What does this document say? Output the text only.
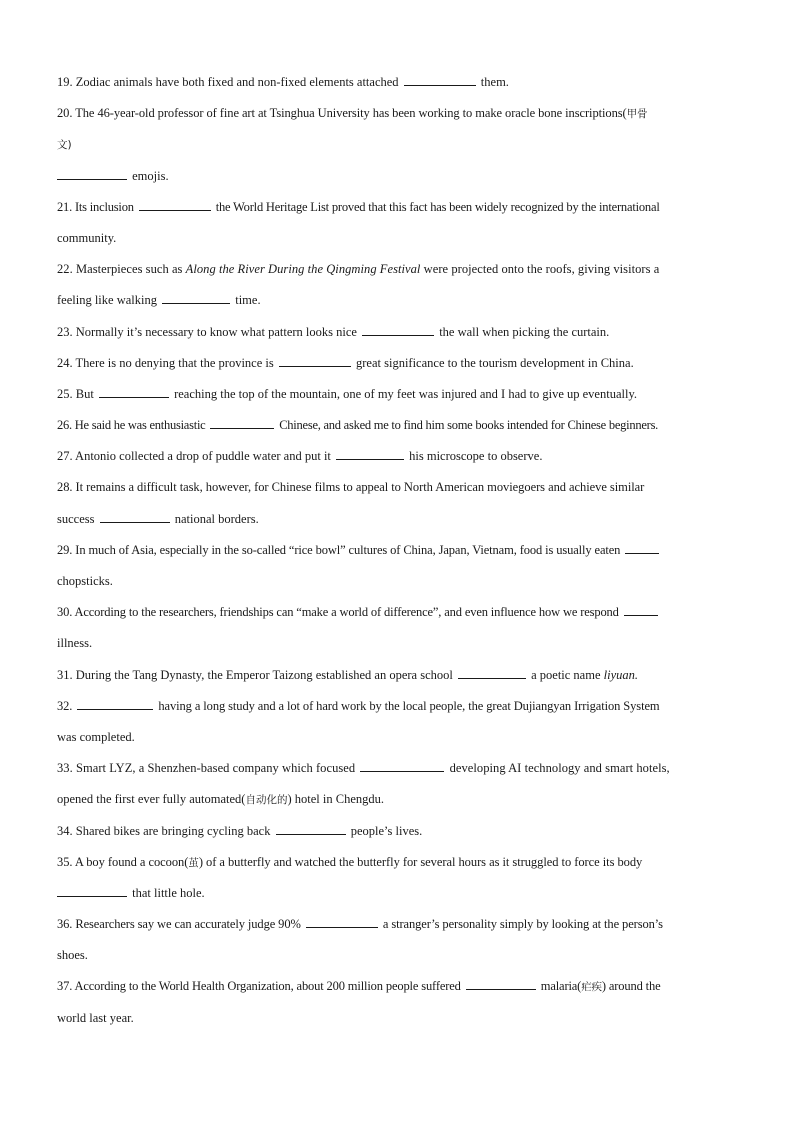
19. Zodiac animals have both fixed and non-fixed elements attached	them.
20. The 46-year-old professor of fine art at Tsinghua University has been working to make oracle bone inscriptions(甲骨
文)
emojis.
21. Its inclusion	the World Heritage List proved that this fact has been widely recognized by the international
community.
22. Masterpieces such as Along the River During the Qingming Festival were projected onto the roofs, giving visitors a
feeling like walking	time.
23. Normally it’s necessary to know what pattern looks nice	the wall when picking the curtain.
24. There is no denying that the province is	great significance to the tourism development in China.
25. But	reaching the top of the mountain, one of my feet was injured and I had to give up eventually.
26. He said he was enthusiastic	Chinese, and asked me to find him some books intended for Chinese beginners.
27. Antonio collected a drop of puddle water and put it	his microscope to observe.
28. It remains a difficult task, however, for Chinese films to appeal to North American moviegoers and achieve similar
success	national borders.
29. In much of Asia, especially in the so-called “rice bowl” cultures of China, Japan, Vietnam, food is usually eaten
chopsticks.
30. According to the researchers, friendships can “make a world of difference”, and even influence how we respond
illness.
31. During the Tang Dynasty, the Emperor Taizong established an opera school	a poetic name liyuan.
32.	having a long study and a lot of hard work by the local people, the great Dujiangyan Irrigation System
was completed.
33. Smart LYZ, a Shenzhen-based company which focused	developing AI technology and smart hotels,
opened the first ever fully automated(自动化的) hotel in Chengdu.
34. Shared bikes are bringing cycling back	people’s lives.
35. A boy found a cocoon(茧) of a butterfly and watched the butterfly for several hours as it struggled to force its body
that little hole.
36. Researchers say we can accurately judge 90%	a stranger’s personality simply by looking at the person’s
shoes.
37. According to the World Health Organization, about 200 million people suffered	malaria(疟疾) around the
world last year.
